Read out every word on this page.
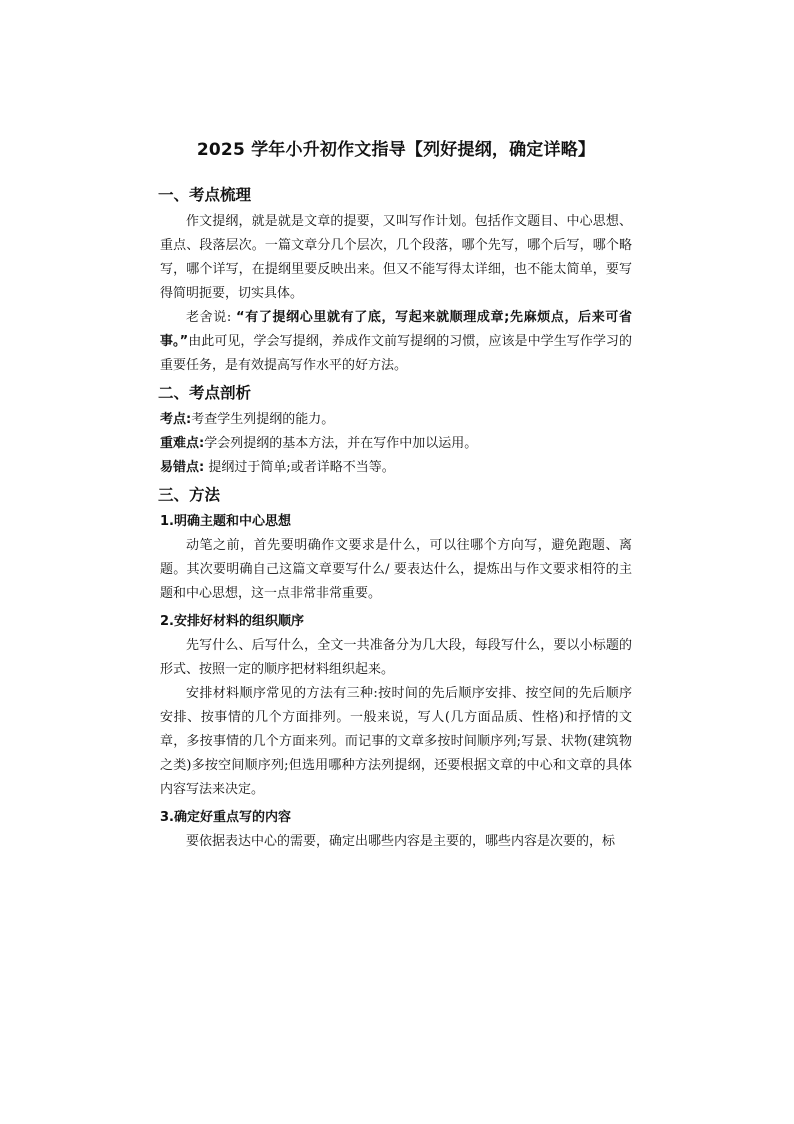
2025 学年小升初作文指导【列好提纲，确定详略】
一、考点梳理

作文提纲，就是就是文章的提要，又叫写作计划。包括作文题目、中心思想、重点、段落层次。一篇文章分几个层次，几个段落，哪个先写，哪个后写，哪个略写，哪个详写，在提纲里要反映出来。但又不能写得太详细，也不能太简单，要写得简明扼要，切实具体。

老舍说: “有了提纲心里就有了底，写起来就顺理成章;先麻烦点，后来可省事。”由此可见，学会写提纲，养成作文前写提纲的习惯，应该是中学生写作学习的重要任务，是有效提高写作水平的好方法。

二、考点剖析

考点:考查学生列提纲的能力。

重难点:学会列提纲的基本方法，并在写作中加以运用。

易错点: 提纲过于简单;或者详略不当等。

三、方法
1.明确主题和中心思想

动笔之前，首先要明确作文要求是什么，可以往哪个方向写，避免跑题、离题。其次要明确自己这篇文章要写什么/ 要表达什么，提炼出与作文要求相符的主题和中心思想，这一点非常非常重要。

2.安排好材料的组织顺序

先写什么、后写什么，全文一共准备分为几大段，每段写什么，要以小标题的形式、按照一定的顺序把材料组织起来。

安排材料顺序常见的方法有三种:按时间的先后顺序安排、按空间的先后顺序安排、按事情的几个方面排列。一般来说，写人(几方面品质、性格)和抒情的文章，多按事情的几个方面来列。而记事的文章多按时间顺序列;写景、状物(建筑物之类)多按空间顺序列;但选用哪种方法列提纲，还要根据文章的中心和文章的具体内容写法来决定。

3.确定好重点写的内容

要依据表达中心的需要，确定出哪些内容是主要的，哪些内容是次要的，标
